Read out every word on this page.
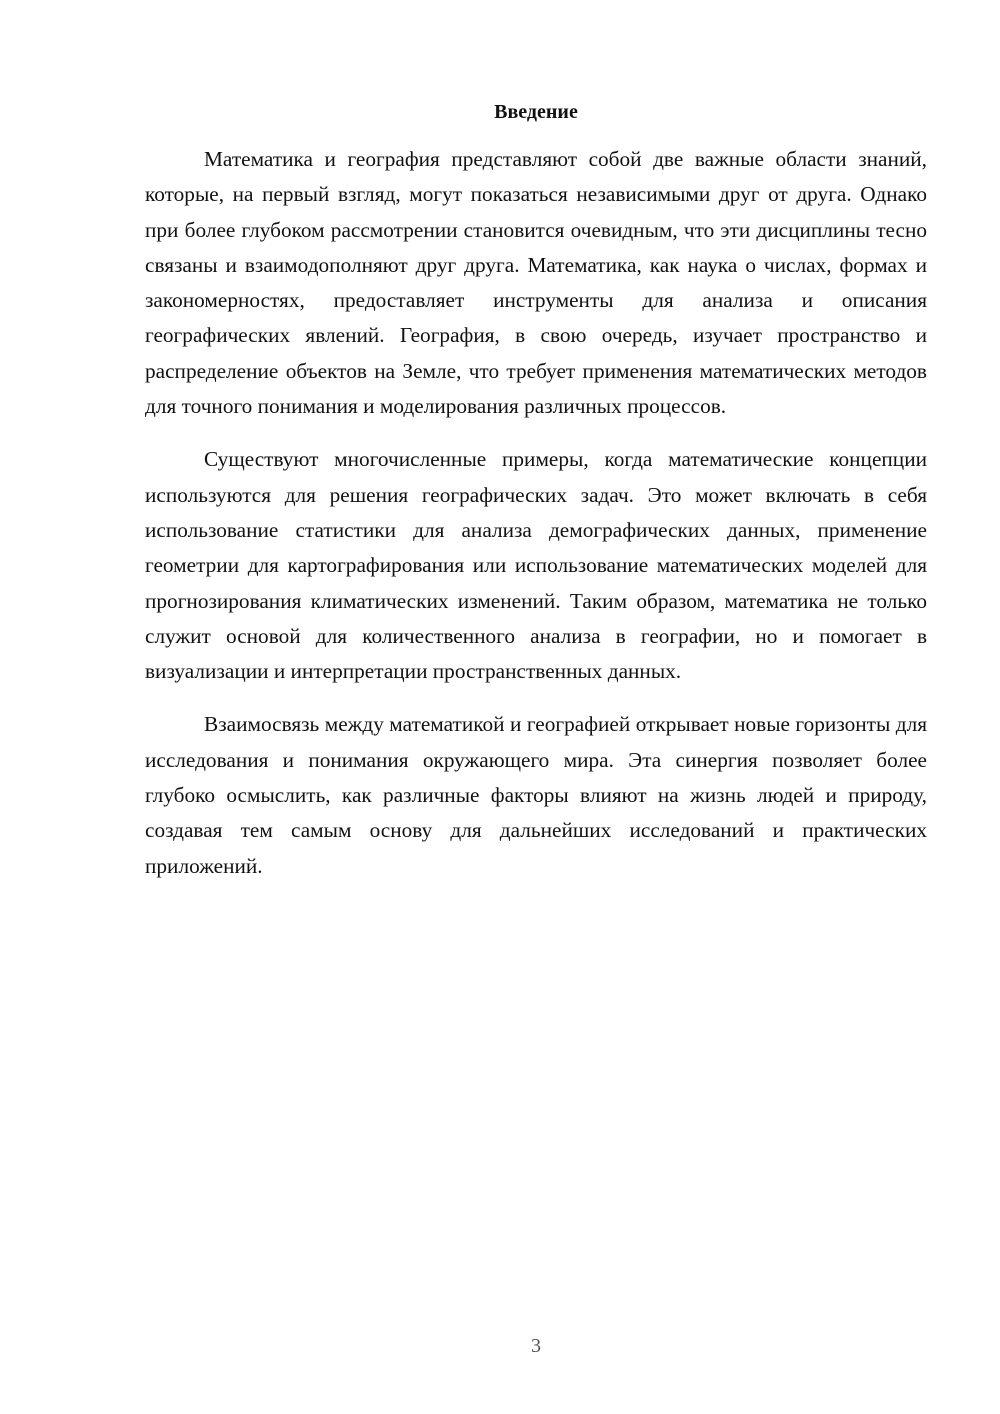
Введение

Математика и география представляют собой две важные области знаний, которые, на первый взгляд, могут показаться независимыми друг от друга. Однако при более глубоком рассмотрении становится очевидным, что эти дисциплины тесно связаны и взаимодополняют друг друга. Математика, как наука о числах, формах и закономерностях, предоставляет инструменты для анализа и описания географических явлений. География, в свою очередь, изучает пространство и распределение объектов на Земле, что требует применения математических методов для точного понимания и моделирования различных процессов.

Существуют многочисленные примеры, когда математические концепции используются для решения географических задач. Это может включать в себя использование статистики для анализа демографических данных, применение геометрии для картографирования или использование математических моделей для прогнозирования климатических изменений. Таким образом, математика не только служит основой для количественного анализа в географии, но и помогает в визуализации и интерпретации пространственных данных.

Взаимосвязь между математикой и географией открывает новые горизонты для исследования и понимания окружающего мира. Эта синергия позволяет более глубоко осмыслить, как различные факторы влияют на жизнь людей и природу, создавая тем самым основу для дальнейших исследований и практических приложений.

3
